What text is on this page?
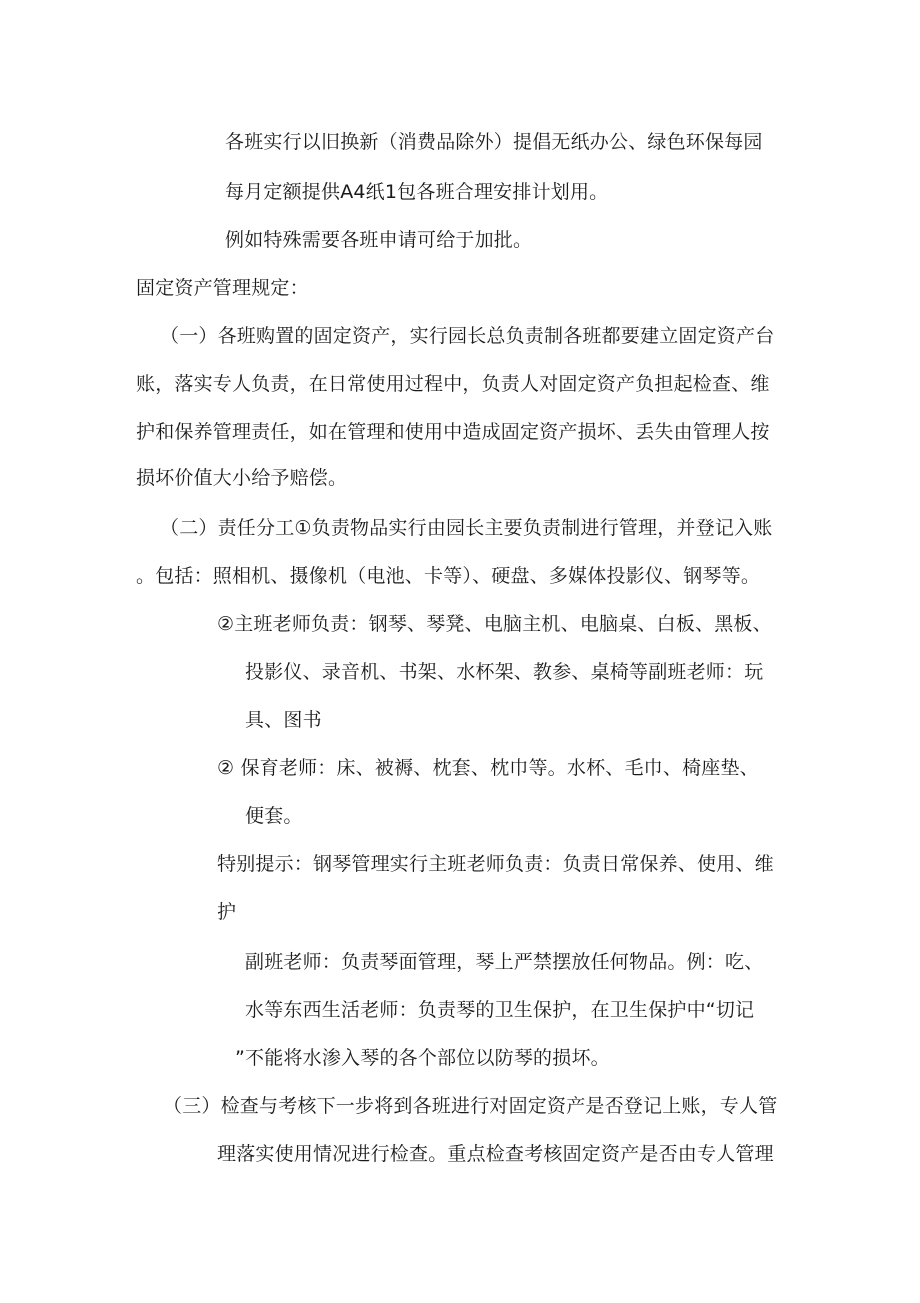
各班实行以旧换新（消费品除外）提倡无纸办公、绿色环保每园
每月定额提供A4纸1包各班合理安排计划用。
例如特殊需要各班申请可给于加批。
固定资产管理规定：
（一）各班购置的固定资产，实行园长总负责制各班都要建立固定资产台
账，落实专人负责，在日常使用过程中，负责人对固定资产负担起检查、维
护和保养管理责任，如在管理和使用中造成固定资产损坏、丢失由管理人按
损坏价值大小给予赔偿。
（二）责任分工①负责物品实行由园长主要负责制进行管理，并登记入账
。包括：照相机、摄像机（电池、卡等）、硬盘、多媒体投影仪、钢琴等。
②主班老师负责：钢琴、琴凳、电脑主机、电脑桌、白板、黑板、
投影仪、录音机、书架、水杯架、教参、桌椅等副班老师：玩
具、图书
② 保育老师：床、被褥、枕套、枕巾等。水杯、毛巾、椅座垫、
便套。
特别提示：钢琴管理实行主班老师负责：负责日常保养、使用、维
护
副班老师：负责琴面管理，琴上严禁摆放任何物品。例：吃、
水等东西生活老师：负责琴的卫生保护，在卫生保护中“切记
”不能将水渗入琴的各个部位以防琴的损坏。
（三）检查与考核下一步将到各班进行对固定资产是否登记上账，专人管
理落实使用情况进行检查。重点检查考核固定资产是否由专人管理
